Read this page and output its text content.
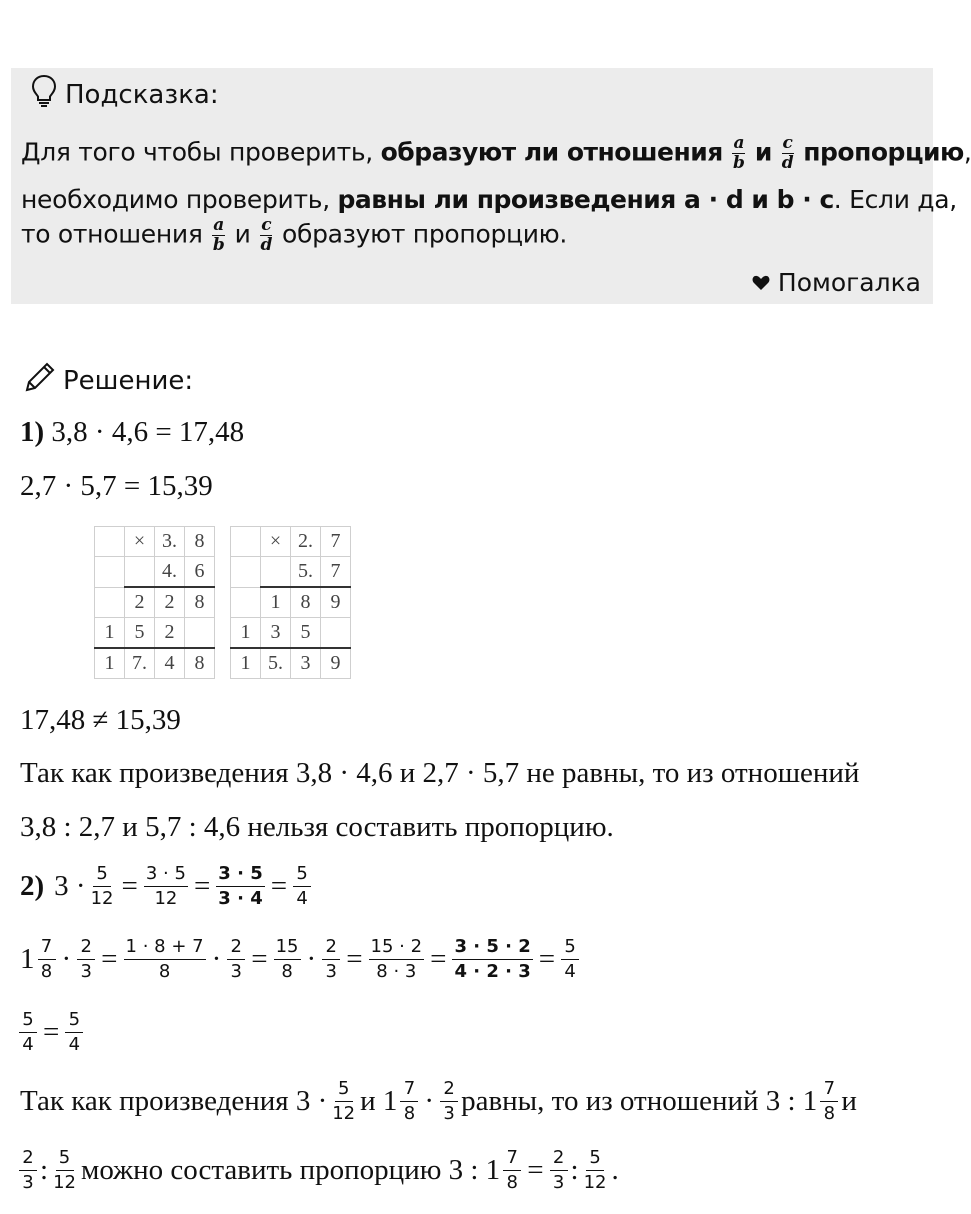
Подсказка:
Для того чтобы проверить, образуют ли отношения $\frac{a}{b}$ и $\frac{c}{d}$ пропорцию,
необходимо проверить, равны ли произведения a · d и b · c. Если да,
то отношения $\frac{a}{b}$ и $\frac{c}{d}$ образуют пропорцию.
Помогалка
Решение:
1) 3,8 · 4,6 = 17,48
2,7 · 5,7 = 15,39
	×	3.	8
		4.	6
	2	2	8
1	5	2	
1	7.	4	8
	×	2.	7
		5.	7
	1	8	9
1	3	5	
1	5.	3	9
17,48 ≠ 15,39
Так как произведения 3,8 · 4,6 и 2,7 · 5,7 не равны, то из отношений
3,8 : 2,7 и 5,7 : 4,6 нельзя составить пропорцию.
2) $3 \cdot \frac{5}{12} = \frac{3 \cdot 5}{12} = \frac{3 \cdot 5}{3 \cdot 4} = \frac{5}{4}$
1 7
$8 \cdot \frac{2}{3} = \frac{1 \cdot 8 + 7}{8} \cdot \frac{2}{3} = \frac{15}{8} \cdot \frac{2}{3} = \frac{15 \cdot 2}{8 \cdot 3} = \frac{3 \cdot 5 \cdot 2}{4 \cdot 2 \cdot 3} = \frac{5}{4}$
$\frac{5}{4} = \frac{5}{4}$
Так как произведения 3 · 5
12 и 1 7
8 · 2
3 равны, то из отношений 3 : 1 7
8 и
2
3 : 5
12 можно составить пропорцию 3 : $1 \frac{7}{8} = \frac{2}{3}$ : 5
12 .
